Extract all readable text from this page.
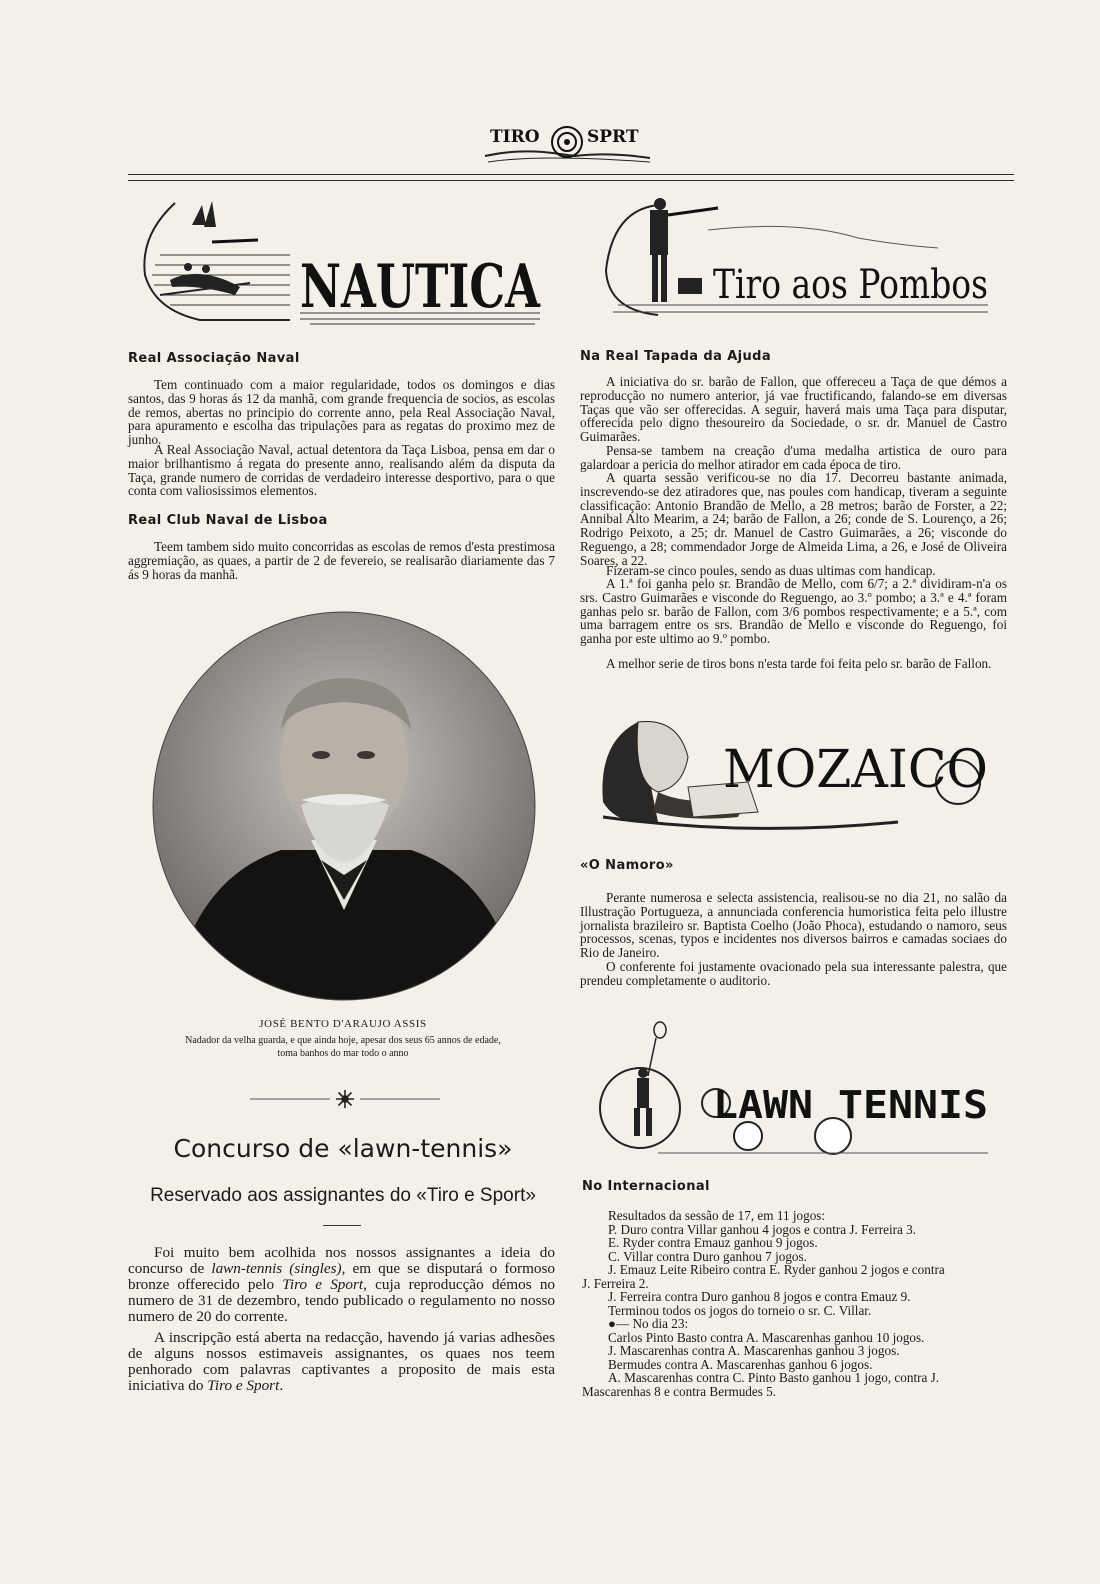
TIRO	SPRT
NAUTICA
Real Associação Naval

Tem continuado com a maior regularidade, todos os domingos e dias santos, das 9 horas ás 12 da manhã, com grande frequencia de socios, as escolas de remos, abertas no principio do corrente anno, pela Real Associação Naval, para apuramento e escolha das tripulações para as regatas do proximo mez de junho.

A Real Associação Naval, actual detentora da Taça Lisboa, pensa em dar o maior brilhantismo á regata do presente anno, realisando além da disputa da Taça, grande numero de corridas de verdadeiro interesse desportivo, para o que conta com valiosissimos elementos.

Real Club Naval de Lisboa

Teem tambem sido muito concorridas as escolas de remos d'esta prestimosa aggremiação, as quaes, a partir de 2 de fevereio, se realisarão diariamente das 7 ás 9 horas da manhã.

JOSÉ BENTO D'ARAUJO ASSIS
Nadador da velha guarda, e que ainda hoje, apesar dos seus 65 annos de edade,
toma banhos do mar todo o anno
Concurso de «lawn-tennis»
Reservado aos assignantes do «Tiro e Sport»

Foi muito bem acolhida nos nossos assignantes a ideia do concurso de lawn-tennis (singles), em que se disputará o formoso bronze offerecido pelo Tiro e Sport, cuja reproducção démos no numero de 31 de dezembro, tendo publicado o regulamento no nosso numero de 20 do corrente.

A inscripção está aberta na redacção, havendo já varias adhesões de alguns nossos estimaveis assignantes, os quaes nos teem penhorado com palavras captivantes a proposito de mais esta iniciativa do Tiro e Sport.

Tiro aos Pombos
Na Real Tapada da Ajuda

A iniciativa do sr. barão de Fallon, que offereceu a Taça de que démos a reproducção no numero anterior, já vae fructificando, falando-se em diversas Taças que vão ser offerecidas. A seguir, haverá mais uma Taça para disputar, offerecida pelo digno thesoureiro da Sociedade, o sr. dr. Manuel de Castro Guimarães.

Pensa-se tambem na creação d'uma medalha artistica de ouro para galardoar a pericia do melhor atirador em cada época de tiro.

A quarta sessão verificou-se no dia 17. Decorreu bastante animada, inscrevendo-se dez atiradores que, nas poules com handicap, tiveram a seguinte classificação: Antonio Brandão de Mello, a 28 metros; barão de Forster, a 22; Annibal Alto Mearim, a 24; barão de Fallon, a 26; conde de S. Lourenço, a 26; Rodrigo Peixoto, a 25; dr. Manuel de Castro Guimarães, a 26; visconde do Reguengo, a 28; commendador Jorge de Almeida Lima, a 26, e José de Oliveira Soares, a 22.

Fizeram-se cinco poules, sendo as duas ultimas com handicap.

A 1.ª foi ganha pelo sr. Brandão de Mello, com 6/7; a 2.ª dividiram-n'a os srs. Castro Guimarães e visconde do Reguengo, ao 3.º pombo; a 3.ª e 4.ª foram ganhas pelo sr. barão de Fallon, com 3/6 pombos respectivamente; e a 5.ª, com uma barragem entre os srs. Brandão de Mello e visconde do Reguengo, foi ganha por este ultimo ao 9.º pombo.

A melhor serie de tiros bons n'esta tarde foi feita pelo sr. barão de Fallon.

MOZAICO
«O Namoro»

Perante numerosa e selecta assistencia, realisou-se no dia 21, no salão da Illustração Portugueza, a annunciada conferencia humoristica feita pelo illustre jornalista brazileiro sr. Baptista Coelho (João Phoca), estudando o namoro, seus processos, scenas, typos e incidentes nos diversos bairros e camadas sociaes do Rio de Janeiro.

O conferente foi justamente ovacionado pela sua interessante palestra, que prendeu completamente o auditorio.

LAWN TENNIS
No Internacional
Resultados da sessão de 17, em 11 jogos:
P. Duro contra Villar ganhou 4 jogos e contra J. Ferreira 3.
E. Ryder contra Emauz ganhou 9 jogos.
C. Villar contra Duro ganhou 7 jogos.
J. Emauz Leite Ribeiro contra E. Ryder ganhou 2 jogos e contra
J. Ferreira 2.
J. Ferreira contra Duro ganhou 8 jogos e contra Emauz 9.
Terminou todos os jogos do torneio o sr. C. Villar.
●— No dia 23:
Carlos Pinto Basto contra A. Mascarenhas ganhou 10 jogos.
J. Mascarenhas contra A. Mascarenhas ganhou 3 jogos.
Bermudes contra A. Mascarenhas ganhou 6 jogos.
A. Mascarenhas contra C. Pinto Basto ganhou 1 jogo, contra J.
Mascarenhas 8 e contra Bermudes 5.
